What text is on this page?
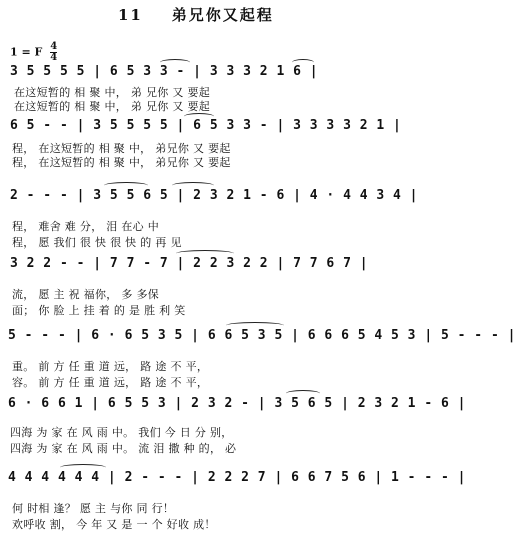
11 弟兄你又起程
1 = F $\frac{4}{4}$
3 5 5 5 5 | 6 5 3 3 - | 3 3 3 2 1 6 |
在这短暂的 相 聚 中， 弟 兄你 又 要起
在这短暂的 相 聚 中， 弟 兄你 又 要起
6 5 - - | 3 5 5 5 5 | 6 5 3 3 - | 3 3 3 3 2 1 |
程， 在这短暂的 相 聚 中， 弟兄你 又 要起
程， 在这短暂的 相 聚 中， 弟兄你 又 要起
2 - - - | 3 5 5 6 5 | 2 3 2 1 - 6 | 4 · 4 4 3 4 |
程， 难舍 难 分， 泪 在心 中
程， 愿 我们 很 快 很 快 的 再 见
3 2 2 - - | 7 7 - 7 | 2 2 3 2 2 | 7 7 6 7 |
流， 愿 主 祝 福你， 多 多保
面； 你 脸 上 挂 着 的 是 胜 利 笑
5 - - - | 6 · 6 5 3 5 | 6 6 5 3 5 | 6 6 6 5 4 5 3 | 5 - - - |
重。 前 方 任 重 道 远， 路 途 不 平，
容。 前 方 任 重 道 远， 路 途 不 平，
6 · 6 6 1 | 6 5 5 3 | 2 3 2 - | 3 5 6 5 | 2 3 2 1 - 6 |
四海 为 家 在 风 雨 中。 我们 今 日 分 别，
四海 为 家 在 风 雨 中。 流 泪 撒 种 的， 必
4 4 4 4 4 4 | 2 - - - | 2 2 2 7 | 6 6 7 5 6 | 1 - - - |
何 时相 逢？ 愿 主 与你 同 行！
欢呼收 割， 今 年 又 是 一 个 好收 成！
